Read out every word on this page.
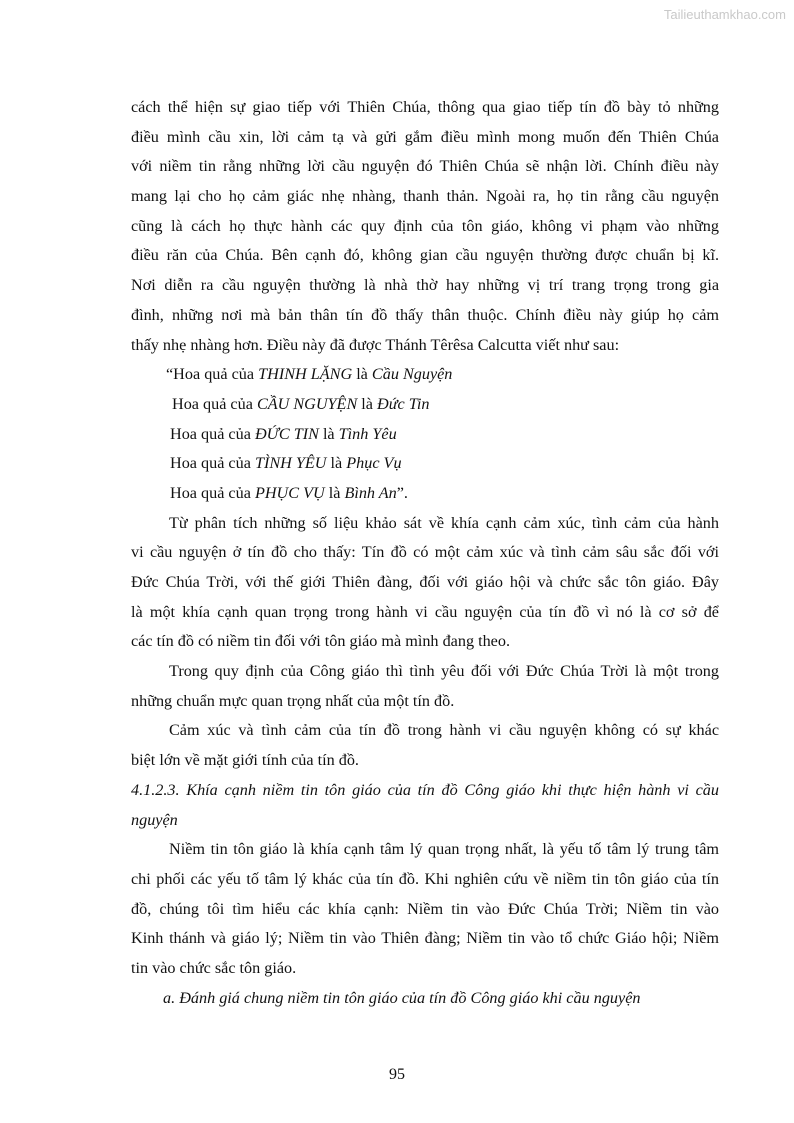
Tailieuthamkhao.com
cách thể hiện sự giao tiếp với Thiên Chúa, thông qua giao tiếp tín đồ bày tỏ những
điều mình cầu xin, lời cảm tạ và gửi gắm điều mình mong muốn đến Thiên Chúa
với niềm tin rằng những lời cầu nguyện đó Thiên Chúa sẽ nhận lời. Chính điều này
mang lại cho họ cảm giác nhẹ nhàng, thanh thản. Ngoài ra, họ tin rằng cầu nguyện
cũng là cách họ thực hành các quy định của tôn giáo, không vi phạm vào những
điều răn của Chúa. Bên cạnh đó, không gian cầu nguyện thường được chuẩn bị kĩ.
Nơi diễn ra cầu nguyện thường là nhà thờ hay những vị trí trang trọng trong gia
đình, những nơi mà bản thân tín đồ thấy thân thuộc. Chính điều này giúp họ cảm
thấy nhẹ nhàng hơn. Điều này đã được Thánh Têrêsa Calcutta viết như sau:
“Hoa quả của THINH LẶNG là Cầu Nguyện
Hoa quả của CẦU NGUYỆN là Đức Tin
Hoa quả của ĐỨC TIN là Tình Yêu
Hoa quả của TÌNH YÊU là Phục Vụ
Hoa quả của PHỤC VỤ là Bình An”.
Từ phân tích những số liệu khảo sát về khía cạnh cảm xúc, tình cảm của hành
vi cầu nguyện ở tín đồ cho thấy: Tín đồ có một cảm xúc và tình cảm sâu sắc đối với
Đức Chúa Trời, với thế giới Thiên đàng, đối với giáo hội và chức sắc tôn giáo. Đây
là một khía cạnh quan trọng trong hành vi cầu nguyện của tín đồ vì nó là cơ sở để
các tín đồ có niềm tin đối với tôn giáo mà mình đang theo.
Trong quy định của Công giáo thì tình yêu đối với Đức Chúa Trời là một trong
những chuẩn mực quan trọng nhất của một tín đồ.
Cảm xúc và tình cảm của tín đồ trong hành vi cầu nguyện không có sự khác
biệt lớn về mặt giới tính của tín đồ.
4.1.2.3. Khía cạnh niềm tin tôn giáo của tín đồ Công giáo khi thực hiện hành vi cầu
nguyện
Niềm tin tôn giáo là khía cạnh tâm lý quan trọng nhất, là yếu tố tâm lý trung tâm
chi phối các yếu tố tâm lý khác của tín đồ. Khi nghiên cứu về niềm tin tôn giáo của tín
đồ, chúng tôi tìm hiểu các khía cạnh: Niềm tin vào Đức Chúa Trời; Niềm tin vào
Kinh thánh và giáo lý; Niềm tin vào Thiên đàng; Niềm tin vào tổ chức Giáo hội; Niềm
tin vào chức sắc tôn giáo.
a. Đánh giá chung niềm tin tôn giáo của tín đồ Công giáo khi cầu nguyện
95
